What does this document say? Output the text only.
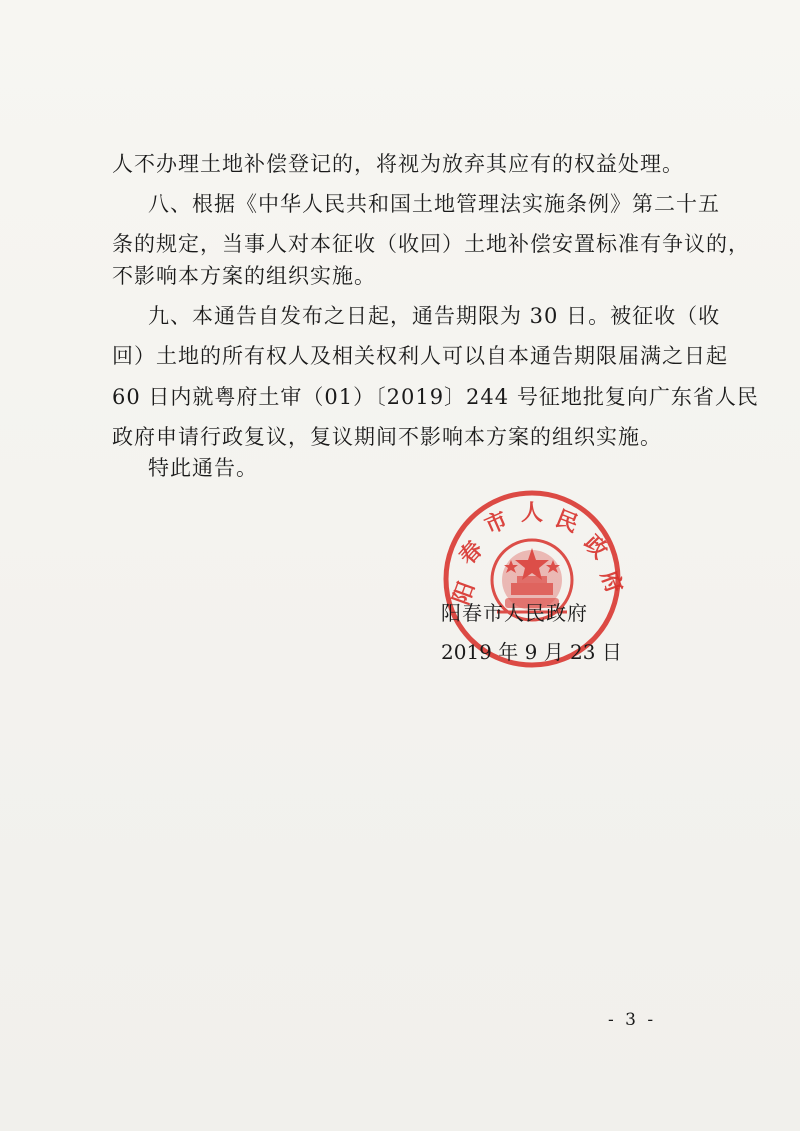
人不办理土地补偿登记的，将视为放弃其应有的权益处理。
八、根据《中华人民共和国土地管理法实施条例》第二十五
条的规定，当事人对本征收（收回）土地补偿安置标准有争议的，
不影响本方案的组织实施。
九、本通告自发布之日起，通告期限为 30 日。被征收（收
回）土地的所有权人及相关权利人可以自本通告期限届满之日起
60 日内就粤府土审（01）〔2019〕244 号征地批复向广东省人民
政府申请行政复议，复议期间不影响本方案的组织实施。
特此通告。
阳
春
市 人 民
政
府
阳春市人民政府
2019 年 9 月 23 日
- 3 -
